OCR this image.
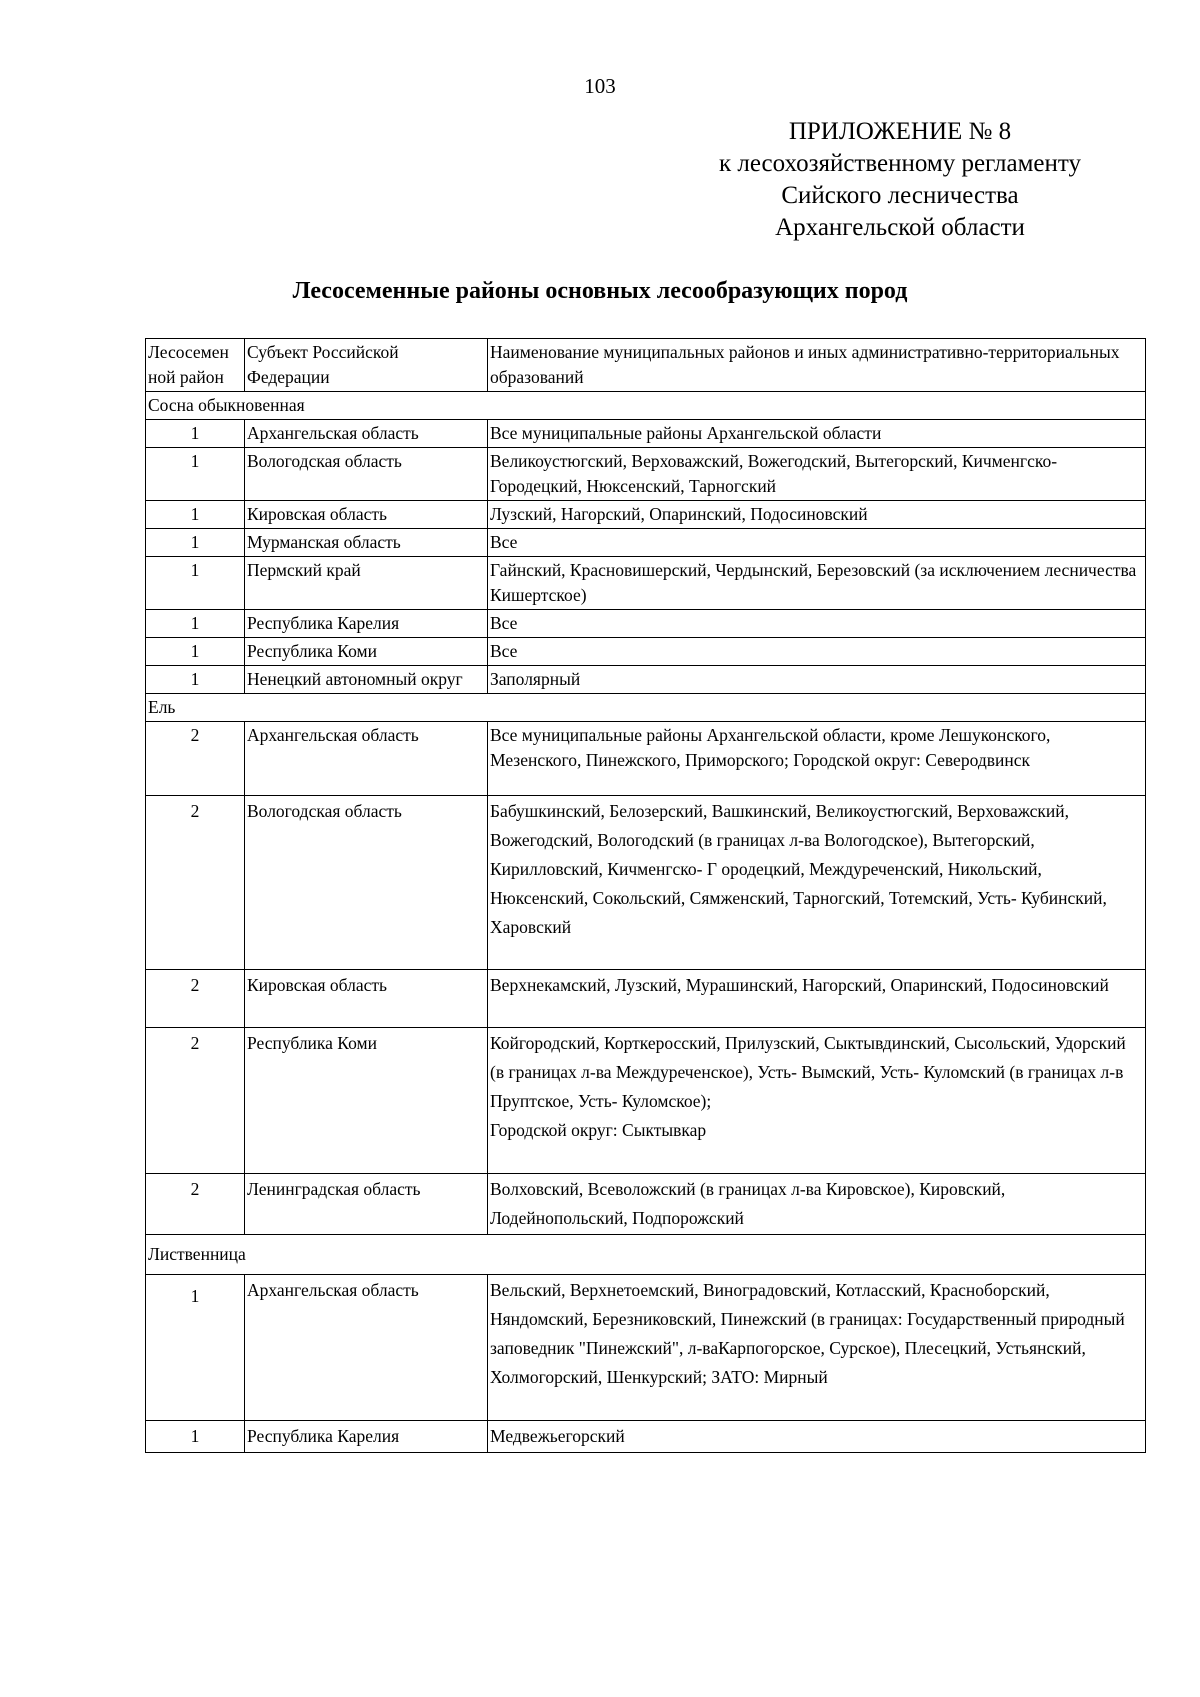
103
ПРИЛОЖЕНИЕ № 8
к лесохозяйственному регламенту
Сийского лесничества
Архангельской области
Лесосеменные районы основных лесообразующих пород
Лесосемен ной район	Субъект Российской Федерации	Наименование муниципальных районов и иных административно-территориальных образований
Сосна обыкновенная		
1	Архангельская область	Все муниципальные районы Архангельской области
1	Вологодская область	Великоустюгский, Верховажский, Вожегодский, Вытегорский, Кичменгско-Городецкий, Нюксенский, Тарногский
1	Кировская область	Лузский, Нагорский, Опаринский, Подосиновский
1	Мурманская область	Все
1	Пермский край	Гайнский, Красновишерский, Чердынский, Березовский (за исключением лесничества Кишертское)
1	Республика Карелия	Все
1	Республика Коми	Все
1	Ненецкий автономный округ	Заполярный
Ель		
2	Архангельская область	Все муниципальные районы Архангельской области, кроме Лешуконского, Мезенского, Пинежского, Приморского; Городской округ: Северодвинск
2	Вологодская область	Бабушкинский, Белозерский, Вашкинский, Великоустюгский, Верховажский, Вожегодский, Вологодский (в границах л-ва Вологодское), Вытегорский, Кирилловский, Кичменгско- Г ородецкий, Междуреченский, Никольский, Нюксенский, Сокольский, Сямженский, Тарногский, Тотемский, Усть- Кубинский, Харовский
2	Кировская область	Верхнекамский, Лузский, Мурашинский, Нагорский, Опаринский, Подосиновский
2	Республика Коми	Койгородский, Корткеросский, Прилузский, Сыктывдинский, Сысольский, Удорский (в границах л-ва Междуреченское), Усть- Вымский, Усть- Куломский (в границах л-в Пруптское, Усть- Куломское);
Городской округ: Сыктывкар
2	Ленинградская область	Волховский, Всеволожский (в границах л-ва Кировское), Кировский, Лодейнопольский, Подпорожский
Лиственница		
1	Архангельская область	Вельский, Верхнетоемский, Виноградовский, Котласский, Красноборский, Няндомский, Березниковский, Пинежский (в границах: Государственный природный заповедник "Пинежский", л-ваКарпогорское, Сурское), Плесецкий, Устьянский, Холмогорский, Шенкурский; ЗАТО: Мирный
1	Республика Карелия	Медвежьегорский
